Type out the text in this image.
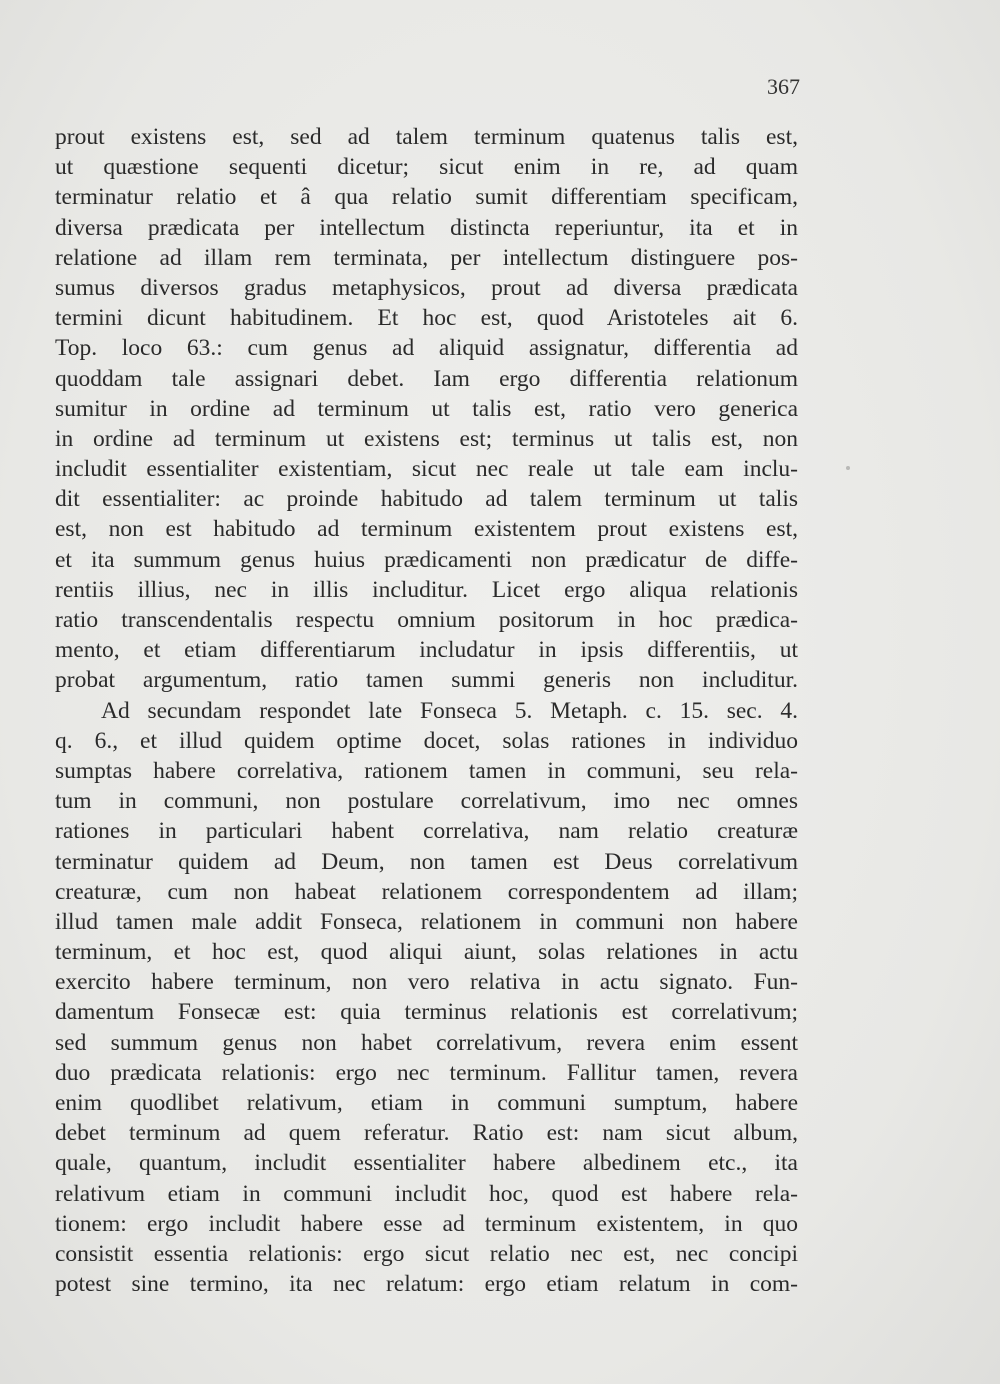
367
prout existens est, sed ad talem terminum quatenus talis est,
ut quæstione sequenti dicetur; sicut enim in re, ad quam
terminatur relatio et â qua relatio sumit differentiam specificam,
diversa prædicata per intellectum distincta reperiuntur, ita et in
relatione ad illam rem terminata, per intellectum distinguere pos-
sumus diversos gradus metaphysicos, prout ad diversa prædicata
termini dicunt habitudinem. Et hoc est, quod Aristoteles ait 6.
Top. loco 63.: cum genus ad aliquid assignatur, differentia ad
quoddam tale assignari debet. Iam ergo differentia relationum
sumitur in ordine ad terminum ut talis est, ratio vero generica
in ordine ad terminum ut existens est; terminus ut talis est, non
includit essentialiter existentiam, sicut nec reale ut tale eam inclu-
dit essentialiter: ac proinde habitudo ad talem terminum ut talis
est, non est habitudo ad terminum existentem prout existens est,
et ita summum genus huius prædicamenti non prædicatur de diffe-
rentiis illius, nec in illis includitur. Licet ergo aliqua relationis
ratio transcendentalis respectu omnium positorum in hoc prædica-
mento, et etiam differentiarum includatur in ipsis differentiis, ut
probat argumentum, ratio tamen summi generis non includitur.
Ad secundam respondet late Fonseca 5. Metaph. c. 15. sec. 4.
q. 6., et illud quidem optime docet, solas rationes in individuo
sumptas habere correlativa, rationem tamen in communi, seu rela-
tum in communi, non postulare correlativum, imo nec omnes
rationes in particulari habent correlativa, nam relatio creaturæ
terminatur quidem ad Deum, non tamen est Deus correlativum
creaturæ, cum non habeat relationem correspondentem ad illam;
illud tamen male addit Fonseca, relationem in communi non habere
terminum, et hoc est, quod aliqui aiunt, solas relationes in actu
exercito habere terminum, non vero relativa in actu signato. Fun-
damentum Fonsecæ est: quia terminus relationis est correlativum;
sed summum genus non habet correlativum, revera enim essent
duo prædicata relationis: ergo nec terminum. Fallitur tamen, revera
enim quodlibet relativum, etiam in communi sumptum, habere
debet terminum ad quem referatur. Ratio est: nam sicut album,
quale, quantum, includit essentialiter habere albedinem etc., ita
relativum etiam in communi includit hoc, quod est habere rela-
tionem: ergo includit habere esse ad terminum existentem, in quo
consistit essentia relationis: ergo sicut relatio nec est, nec concipi
potest sine termino, ita nec relatum: ergo etiam relatum in com-
